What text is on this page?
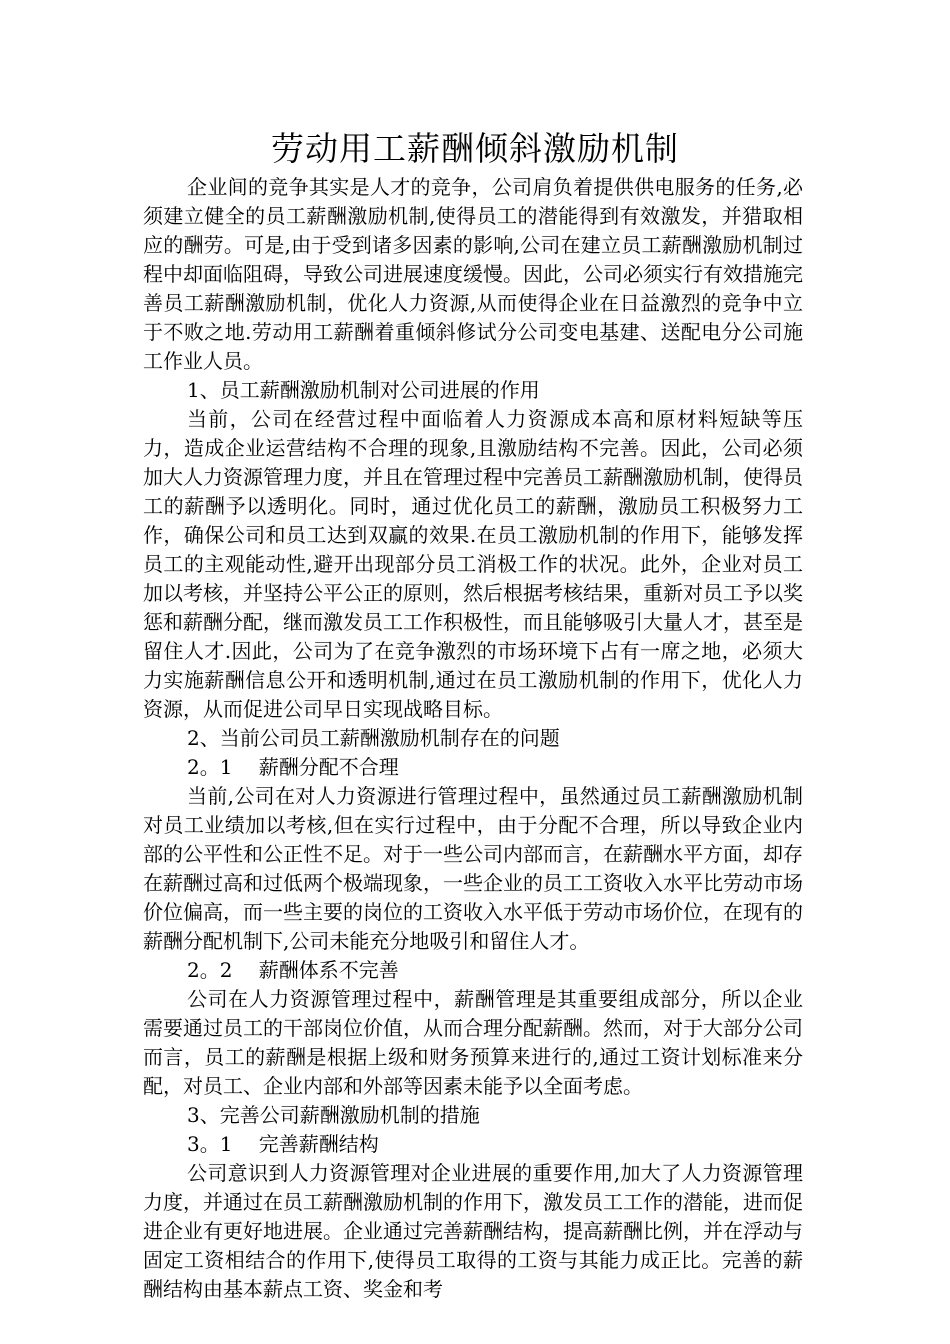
劳动用工薪酬倾斜激励机制

企业间的竞争其实是人才的竞争，公司肩负着提供供电服务的任务,必须建立健全的员工薪酬激励机制,使得员工的潜能得到有效激发，并猎取相应的酬劳。可是,由于受到诸多因素的影响,公司在建立员工薪酬激励机制过程中却面临阻碍，导致公司进展速度缓慢。因此，公司必须实行有效措施完善员工薪酬激励机制，优化人力资源,从而使得企业在日益激烈的竞争中立于不败之地.劳动用工薪酬着重倾斜修试分公司变电基建、送配电分公司施工作业人员。

1、员工薪酬激励机制对公司进展的作用

当前，公司在经营过程中面临着人力资源成本高和原材料短缺等压力，造成企业运营结构不合理的现象,且激励结构不完善。因此，公司必须加大人力资源管理力度，并且在管理过程中完善员工薪酬激励机制，使得员工的薪酬予以透明化。同时，通过优化员工的薪酬，激励员工积极努力工作，确保公司和员工达到双赢的效果.在员工激励机制的作用下，能够发挥员工的主观能动性,避开出现部分员工消极工作的状况。此外，企业对员工加以考核，并坚持公平公正的原则，然后根据考核结果，重新对员工予以奖惩和薪酬分配，继而激发员工工作积极性，而且能够吸引大量人才，甚至是留住人才.因此，公司为了在竞争激烈的市场环境下占有一席之地，必须大力实施薪酬信息公开和透明机制,通过在员工激励机制的作用下，优化人力资源，从而促进公司早日实现战略目标。

2、当前公司员工薪酬激励机制存在的问题

2。1　 薪酬分配不合理

当前,公司在对人力资源进行管理过程中，虽然通过员工薪酬激励机制对员工业绩加以考核,但在实行过程中，由于分配不合理，所以导致企业内部的公平性和公正性不足。对于一些公司内部而言，在薪酬水平方面，却存在薪酬过高和过低两个极端现象，一些企业的员工工资收入水平比劳动市场价位偏高，而一些主要的岗位的工资收入水平低于劳动市场价位，在现有的薪酬分配机制下,公司未能充分地吸引和留住人才。

2。2　 薪酬体系不完善

公司在人力资源管理过程中，薪酬管理是其重要组成部分，所以企业需要通过员工的干部岗位价值，从而合理分配薪酬。然而，对于大部分公司而言，员工的薪酬是根据上级和财务预算来进行的,通过工资计划标准来分配，对员工、企业内部和外部等因素未能予以全面考虑。

3、完善公司薪酬激励机制的措施

3。1　 完善薪酬结构

公司意识到人力资源管理对企业进展的重要作用,加大了人力资源管理力度，并通过在员工薪酬激励机制的作用下，激发员工工作的潜能，进而促进企业有更好地进展。企业通过完善薪酬结构，提高薪酬比例，并在浮动与固定工资相结合的作用下,使得员工取得的工资与其能力成正比。完善的薪酬结构由基本薪点工资、奖金和考
